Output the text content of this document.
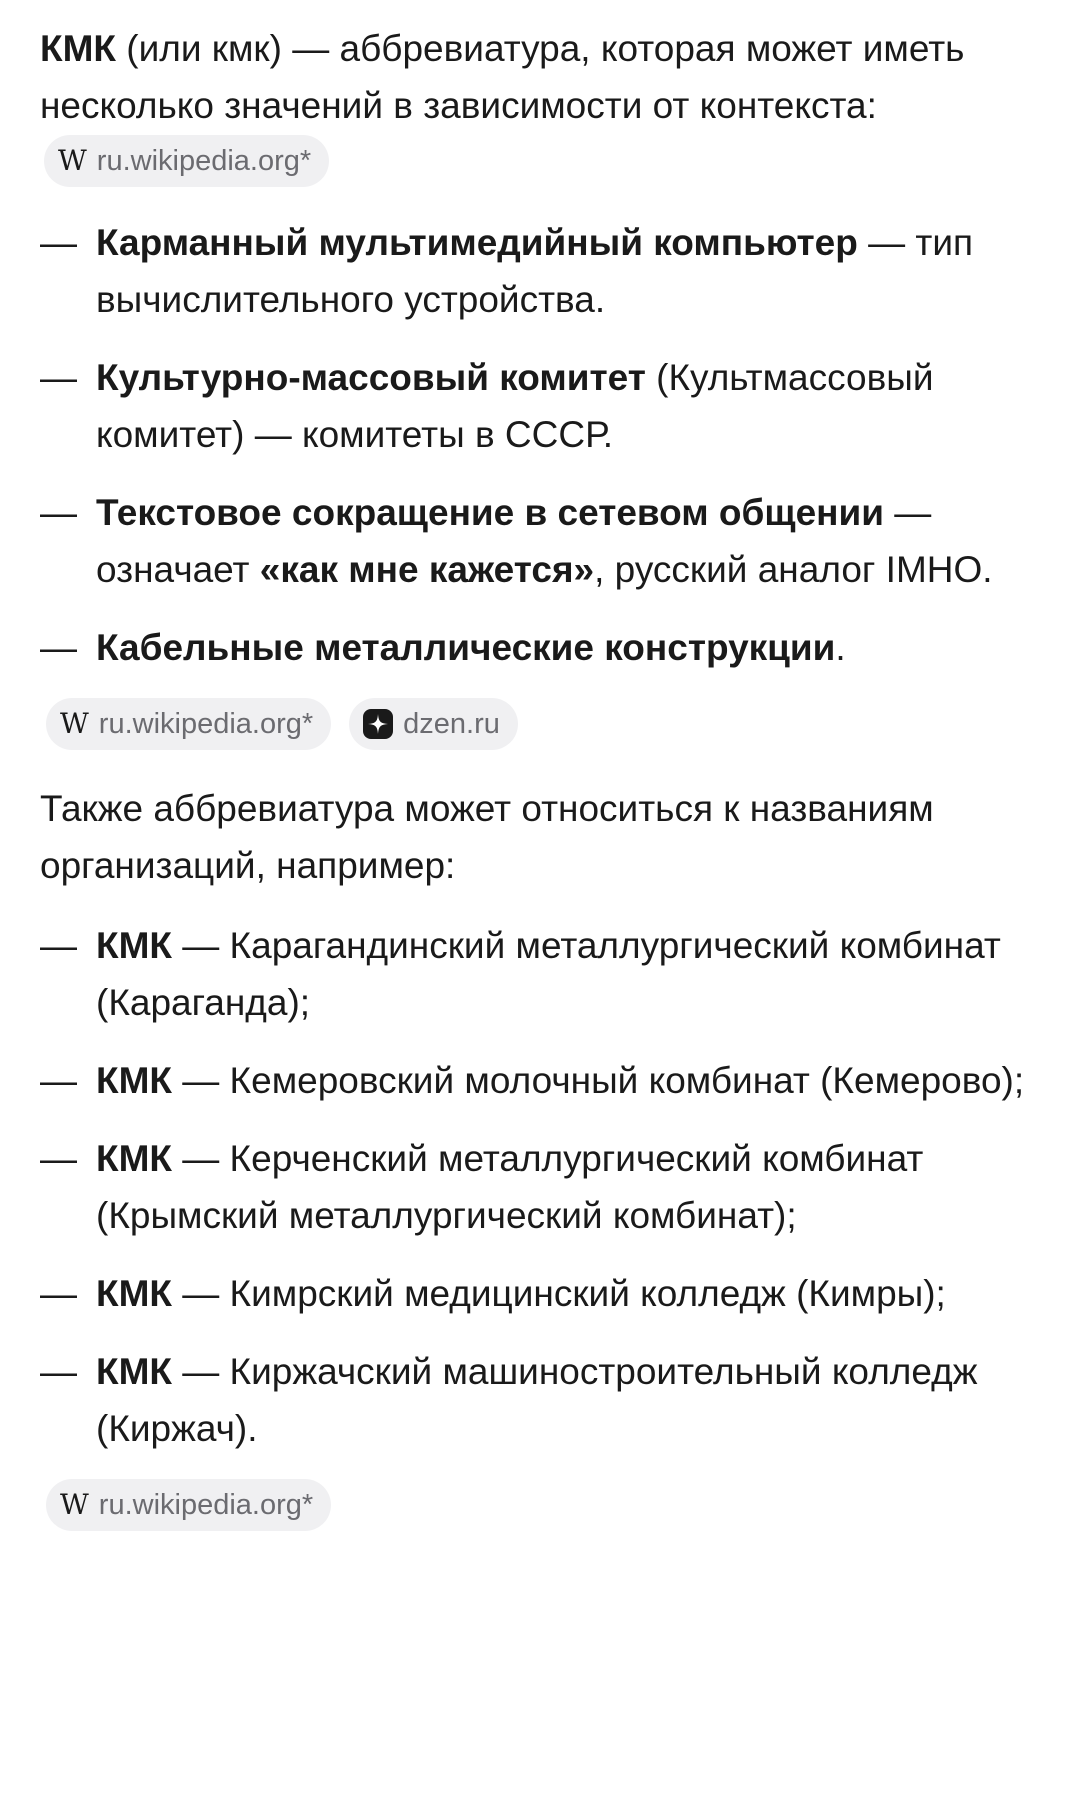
КМК (или кмк) — аббревиатура, которая может иметь несколько значений в зависимости от контекста:
W ru.wikipedia.org*

— Карманный мультимедийный компьютер — тип вычислительного устройства.
— Культурно-массовый комитет (Культмассовый комитет) — комитеты в СССР.
— Текстовое сокращение в сетевом общении — означает «как мне кажется», русский аналог IMHO.
— Кабельные металлические конструкции.
W ru.wikipedia.org*	dzen.ru

Также аббревиатура может относиться к названиям организаций, например:

— КМК — Карагандинский металлургический комбинат (Караганда);
— КМК — Кемеровский молочный комбинат (Кемерово);
— КМК — Керченский металлургический комбинат (Крымский металлургический комбинат);
— КМК — Кимрский медицинский колледж (Кимры);
— КМК — Киржачский машиностроительный колледж (Киржач).
W ru.wikipedia.org*
